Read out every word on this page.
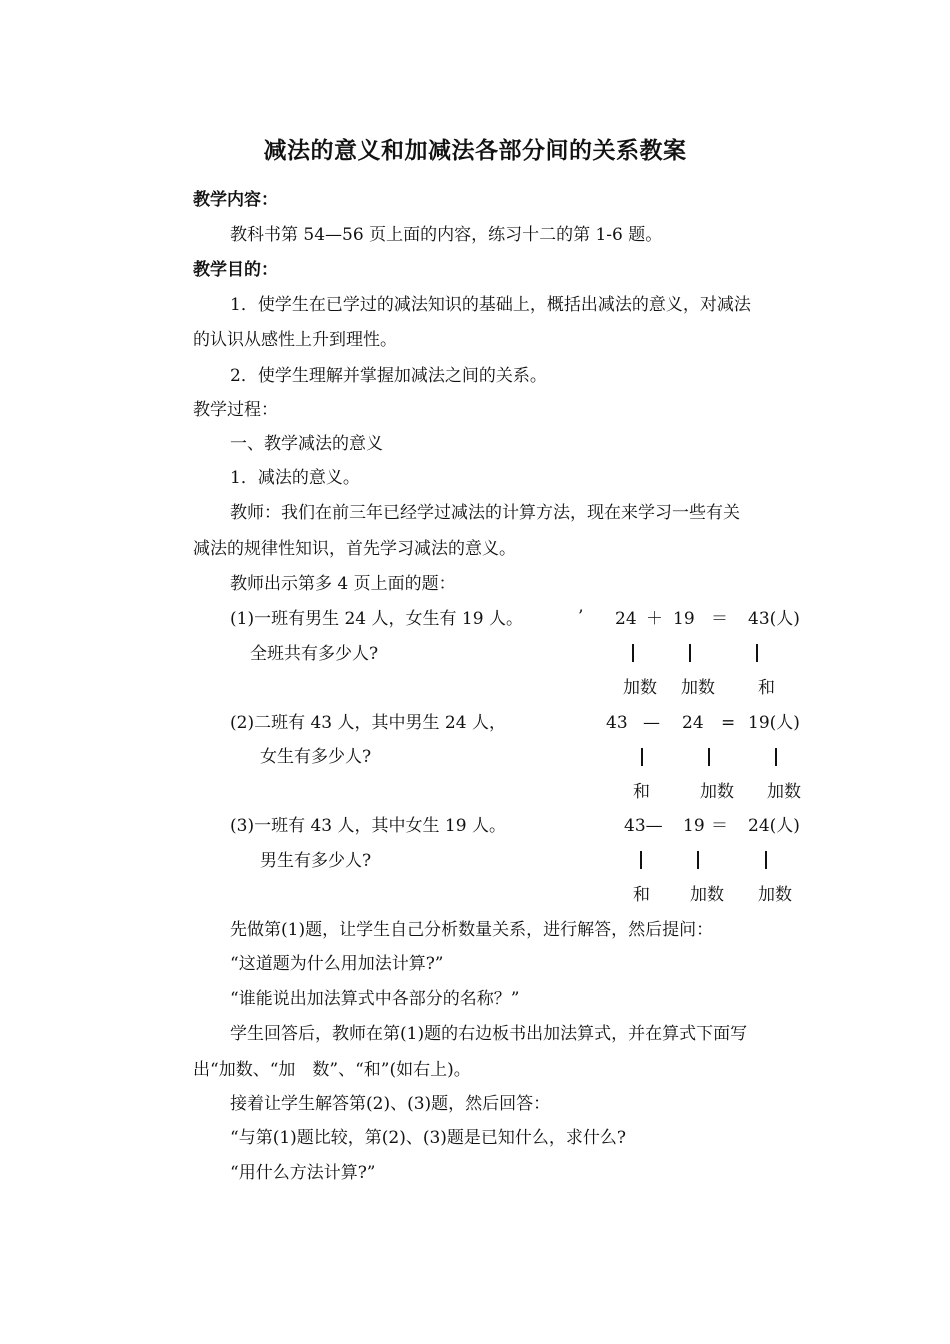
减法的意义和加减法各部分间的关系教案
教学内容：
教科书第 54—56 页上面的内容，练习十二的第 1-6 题。
教学目的：
1．使学生在已学过的减法知识的基础上，概括出减法的意义，对减法
的认识从感性上升到理性。
2．使学生理解并掌握加减法之间的关系。
教学过程：
一、教学减法的意义
1．减法的意义。
教师：我们在前三年已经学过减法的计算方法，现在来学习一些有关
减法的规律性知识，首先学习减法的意义。
教师出示第多 4 页上面的题：
(1)一班有男生 24 人，女生有 19 人。
全班共有多少人?
’ 24 ＋ 19 ＝ 43(人)
加数 加数	和
(2)二班有 43 人，其中男生 24 人，
女生有多少人?
43 — 24 = 19(人)
和	加数 加数
(3)一班有 43 人，其中女生 19 人。
男生有多少人?
43— 19 ＝ 24(人)
和 加数 加数
先做第(1)题，让学生自己分析数量关系，进行解答，然后提问：
“这道题为什么用加法计算?”
“谁能说出加法算式中各部分的名称？”
学生回答后，教师在第(1)题的右边板书出加法算式，并在算式下面写
出“加数、“加　数”、“和”(如右上)。
接着让学生解答第(2)、(3)题，然后回答：
“与第(1)题比较，第(2)、(3)题是已知什么，求什么?
“用什么方法计算?”
